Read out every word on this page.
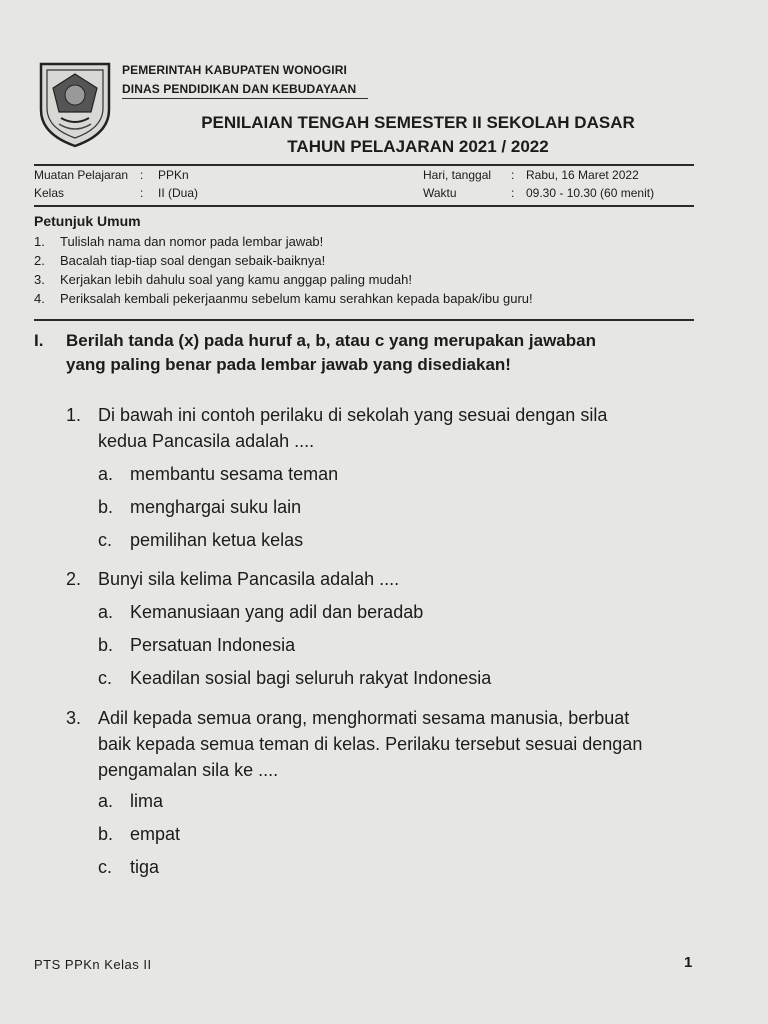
PEMERINTAH KABUPATEN WONOGIRI
DINAS PENDIDIKAN DAN KEBUDAYAAN
PENILAIAN TENGAH SEMESTER II SEKOLAH DASAR
TAHUN PELAJARAN 2021 / 2022
Muatan Pelajaran : PPKn
Kelas	: II (Dua)
Hari, tanggal : Rabu, 16 Maret 2022
Waktu	: 09.30 - 10.30 (60 menit)
Petunjuk Umum
1. Tulislah nama dan nomor pada lembar jawab!
2. Bacalah tiap-tiap soal dengan sebaik-baiknya!
3. Kerjakan lebih dahulu soal yang kamu anggap paling mudah!
4. Periksalah kembali pekerjaanmu sebelum kamu serahkan kepada bapak/ibu guru!
I. Berilah tanda (x) pada huruf a, b, atau c yang merupakan jawaban
yang paling benar pada lembar jawab yang disediakan!
1. Di bawah ini contoh perilaku di sekolah yang sesuai dengan sila
kedua Pancasila adalah ....
a. membantu sesama teman
b. menghargai suku lain
c. pemilihan ketua kelas
2. Bunyi sila kelima Pancasila adalah ....
a. Kemanusiaan yang adil dan beradab
b. Persatuan Indonesia
c. Keadilan sosial bagi seluruh rakyat Indonesia
3. Adil kepada semua orang, menghormati sesama manusia, berbuat
baik kepada semua teman di kelas. Perilaku tersebut sesuai dengan
pengamalan sila ke ....
a. lima
b. empat
c. tiga
PTS PPKn Kelas II	1
